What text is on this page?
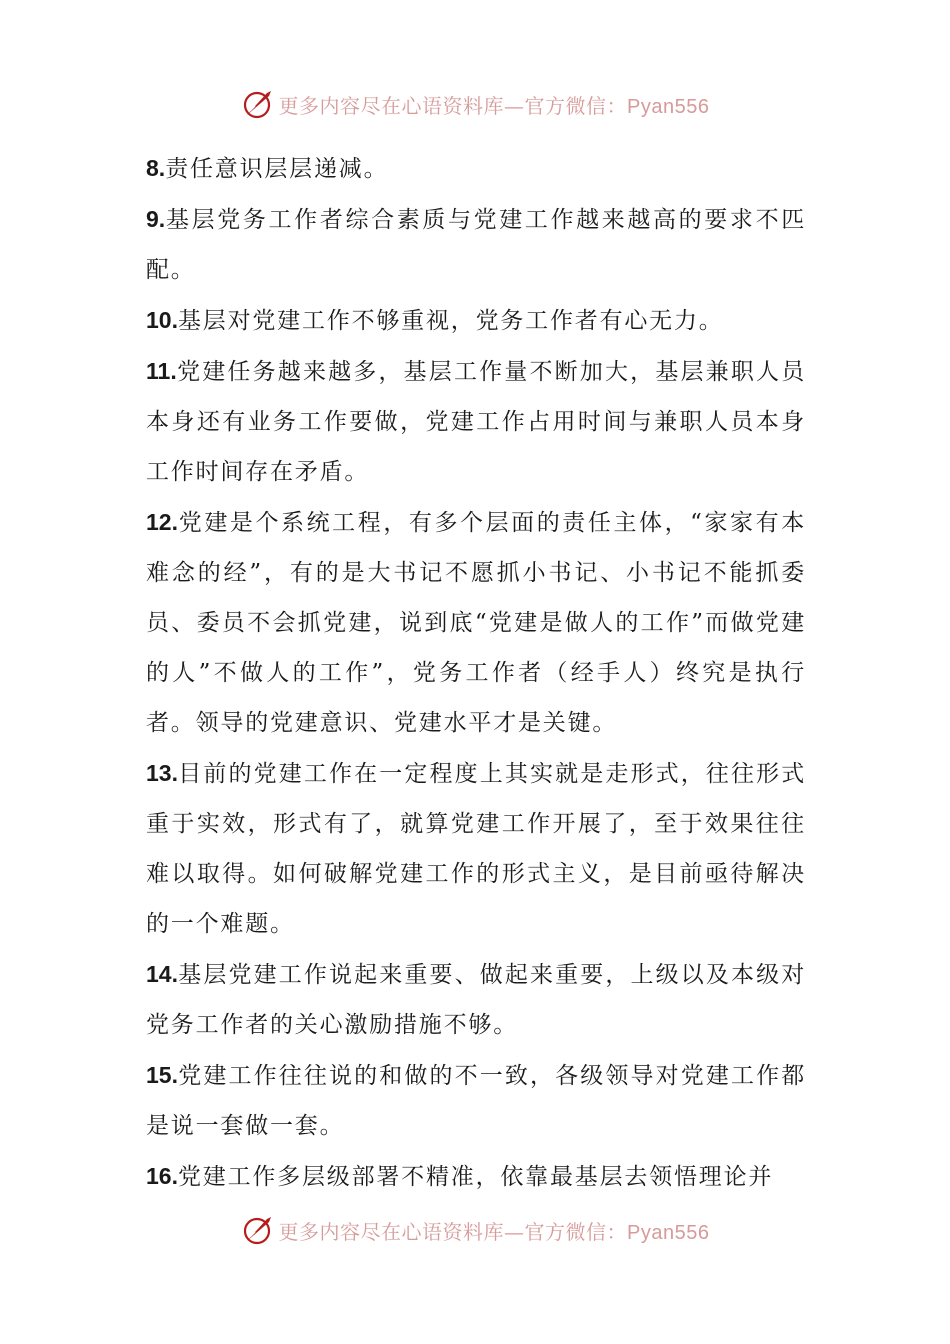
更多内容尽在心语资料库—官方微信：Pyan556

8.责任意识层层递减。

9.基层党务工作者综合素质与党建工作越来越高的要求不匹配。

10.基层对党建工作不够重视，党务工作者有心无力。

11.党建任务越来越多，基层工作量不断加大，基层兼职人员本身还有业务工作要做，党建工作占用时间与兼职人员本身工作时间存在矛盾。

12.党建是个系统工程，有多个层面的责任主体，“家家有本难念的经”，有的是大书记不愿抓小书记、小书记不能抓委员、委员不会抓党建，说到底“党建是做人的工作”而做党建的人”不做人的工作”，党务工作者（经手人）终究是执行者。领导的党建意识、党建水平才是关键。

13.目前的党建工作在一定程度上其实就是走形式，往往形式重于实效，形式有了，就算党建工作开展了，至于效果往往难以取得。如何破解党建工作的形式主义，是目前亟待解决的一个难题。

14.基层党建工作说起来重要、做起来重要，上级以及本级对党务工作者的关心激励措施不够。

15.党建工作往往说的和做的不一致，各级领导对党建工作都是说一套做一套。

16.党建工作多层级部署不精准，依靠最基层去领悟理论并

更多内容尽在心语资料库—官方微信：Pyan556
